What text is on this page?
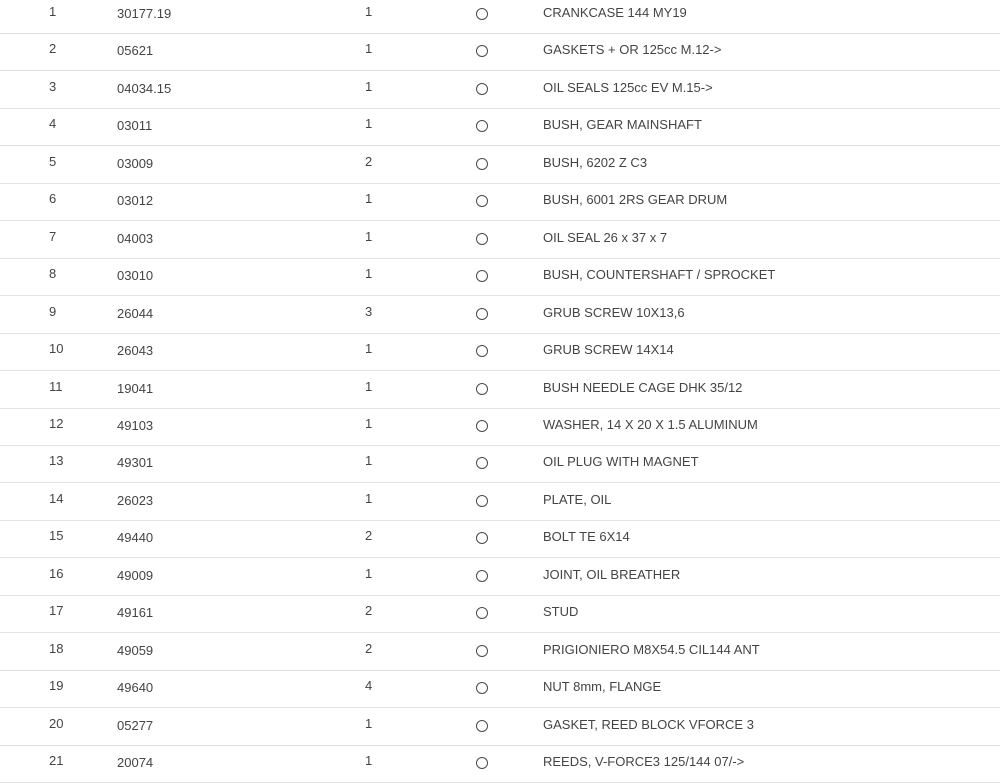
1	30177.19	1	CRANKCASE 144 MY19
2	05621	1	GASKETS + OR 125cc M.12->
3	04034.15	1	OIL SEALS 125cc EV M.15->
4	03011	1	BUSH, GEAR MAINSHAFT
5	03009	2	BUSH, 6202 Z C3
6	03012	1	BUSH, 6001 2RS GEAR DRUM
7	04003	1	OIL SEAL 26 x 37 x 7
8	03010	1	BUSH, COUNTERSHAFT / SPROCKET
9	26044	3	GRUB SCREW 10X13,6
10	26043	1	GRUB SCREW 14X14
11	19041	1	BUSH NEEDLE CAGE DHK 35/12
12	49103	1	WASHER, 14 X 20 X 1.5 ALUMINUM
13	49301	1	OIL PLUG WITH MAGNET
14	26023	1	PLATE, OIL
15	49440	2	BOLT TE 6X14
16	49009	1	JOINT, OIL BREATHER
17	49161	2	STUD
18	49059	2	PRIGIONIERO M8X54.5 CIL144 ANT
19	49640	4	NUT 8mm, FLANGE
20	05277	1	GASKET, REED BLOCK VFORCE 3
21	20074	1	REEDS, V-FORCE3 125/144 07/->
